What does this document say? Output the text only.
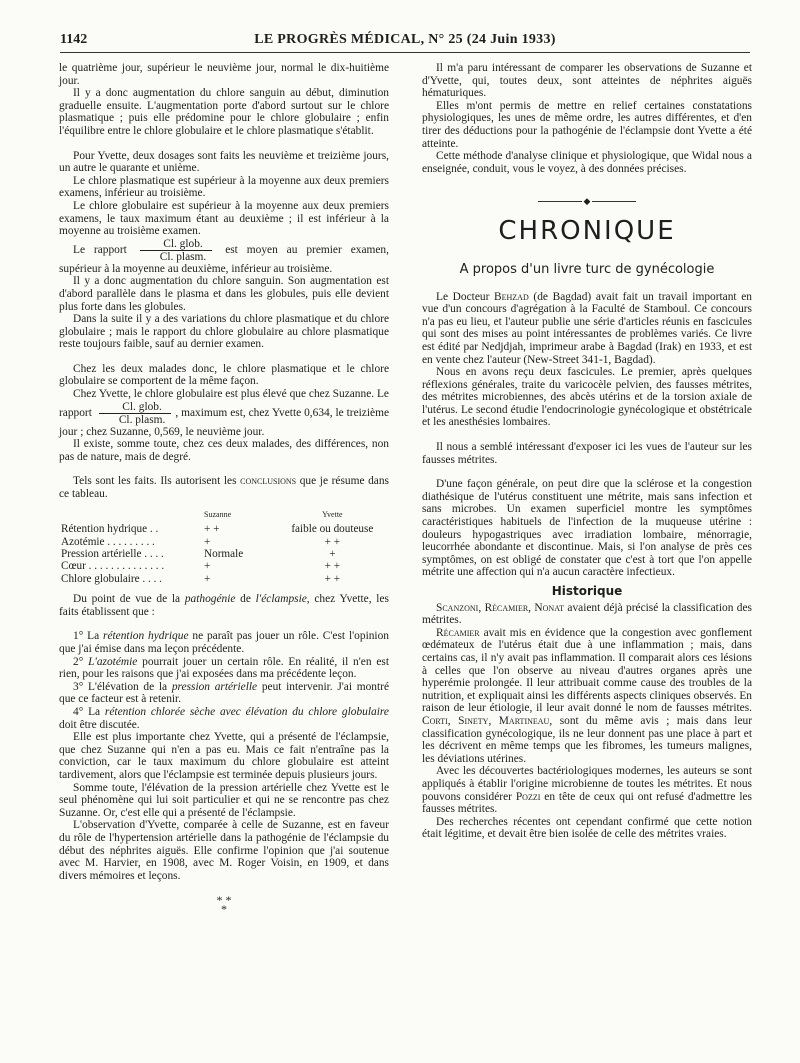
1142	LE PROGRÈS MÉDICAL, N° 25 (24 Juin 1933)

le quatrième jour, supérieur le neuvième jour, normal le dix-huitième jour.

Il y a donc augmentation du chlore sanguin au début, diminution graduelle ensuite. L'augmentation porte d'abord surtout sur le chlore plasmatique ; puis elle prédomine pour le chlore globulaire ; enfin l'équilibre entre le chlore globulaire et le chlore plasmatique s'établit.

Pour Yvette, deux dosages sont faits les neuvième et treizième jours, un autre le quarante et unième.

Le chlore plasmatique est supérieur à la moyenne aux deux premiers examens, inférieur au troisième.

Le chlore globulaire est supérieur à la moyenne aux deux premiers examens, le taux maximum étant au deuxième ; il est inférieur à la moyenne au troisième examen.

Le rapport $\frac{\text{Cl. glob.}}{\text{Cl. plasm.}}$ est moyen au premier examen, supérieur à la moyenne au deuxième, inférieur au troisième.

Il y a donc augmentation du chlore sanguin. Son augmentation est d'abord parallèle dans le plasma et dans les globules, puis elle devient plus forte dans les globules.

Dans la suite il y a des variations du chlore plasmatique et du chlore globulaire ; mais le rapport du chlore globulaire au chlore plasmatique reste toujours faible, sauf au dernier examen.

Chez les deux malades donc, le chlore plasmatique et le chlore globulaire se comportent de la même façon.

Chez Yvette, le chlore globulaire est plus élevé que chez Suzanne. Le rapport $\frac{\text{Cl. glob.}}{\text{Cl. plasm.}}$ , maximum est, chez Yvette 0,634, le treizième jour ; chez Suzanne, 0,569, le neuvième jour.

Il existe, somme toute, chez ces deux malades, des différences, non pas de nature, mais de degré.

Tels sont les faits. Ils autorisent les conclusions que je résume dans ce tableau.

	Suzanne	Yvette
Rétention hydrique . .	+ +	faible ou douteuse
Azotémie . . . . . . . . .	+	+ +
Pression artérielle . . . .	Normale	+
Cœur . . . . . . . . . . . . . .	+	+ +
Chlore globulaire . . . .	+	+ +

Du point de vue de la pathogénie de l'éclampsie, chez Yvette, les faits établissent que :

1° La rétention hydrique ne paraît pas jouer un rôle. C'est l'opinion que j'ai émise dans ma leçon précédente.

2° L'azotémie pourrait jouer un certain rôle. En réalité, il n'en est rien, pour les raisons que j'ai exposées dans ma précédente leçon.

3° L'élévation de la pression artérielle peut intervenir. J'ai montré que ce facteur est à retenir.

4° La rétention chlorée sèche avec élévation du chlore globulaire doit être discutée.

Elle est plus importante chez Yvette, qui a présenté de l'éclampsie, que chez Suzanne qui n'en a pas eu. Mais ce fait n'entraîne pas la conviction, car le taux maximum du chlore globulaire est atteint tardivement, alors que l'éclampsie est terminée depuis plusieurs jours.

Somme toute, l'élévation de la pression artérielle chez Yvette est le seul phénomène qui lui soit particulier et qui ne se rencontre pas chez Suzanne. Or, c'est elle qui a présenté de l'éclampsie.

L'observation d'Yvette, comparée à celle de Suzanne, est en faveur du rôle de l'hypertension artérielle dans la pathogénie de l'éclampsie du début des néphrites aiguës. Elle confirme l'opinion que j'ai soutenue avec M. Harvier, en 1908, avec M. Roger Voisin, en 1909, et dans divers mémoires et leçons.

* *
*

Il m'a paru intéressant de comparer les observations de Suzanne et d'Yvette, qui, toutes deux, sont atteintes de néphrites aiguës hématuriques.

Elles m'ont permis de mettre en relief certaines constatations physiologiques, les unes de même ordre, les autres différentes, et d'en tirer des déductions pour la pathogénie de l'éclampsie dont Yvette a été atteinte.

Cette méthode d'analyse clinique et physiologique, que Widal nous a enseignée, conduit, vous le voyez, à des données précises.

◆
CHRONIQUE
A propos d'un livre turc de gynécologie

Le Docteur Behzad (de Bagdad) avait fait un travail important en vue d'un concours d'agrégation à la Faculté de Stamboul. Ce concours n'a pas eu lieu, et l'auteur publie une série d'articles réunis en fascicules qui sont des mises au point intéressantes de problèmes variés. Ce livre est édité par Nedjdjah, imprimeur arabe à Bagdad (Irak) en 1933, et est en vente chez l'auteur (New-Street 341-1, Bagdad).

Nous en avons reçu deux fascicules. Le premier, après quelques réflexions générales, traite du varicocèle pelvien, des fausses métrites, des métrites microbiennes, des abcès utérins et de la torsion axiale de l'utérus. Le second étudie l'endocrinologie gynécologique et obstétricale et les anesthésies lombaires.

Il nous a semblé intéressant d'exposer ici les vues de l'auteur sur les fausses métrites.

D'une façon générale, on peut dire que la sclérose et la congestion diathésique de l'utérus constituent une métrite, mais sans infection et sans microbes. Un examen superficiel montre les symptômes caractéristiques habituels de l'infection de la muqueuse utérine : douleurs hypogastriques avec irradiation lombaire, ménorragie, leucorrhée abondante et discontinue. Mais, si l'on analyse de près ces symptômes, on est obligé de constater que c'est à tort que l'on appelle métrite une affection qui n'a aucun caractère infectieux.

Historique

Scanzoni, Récamier, Nonat avaient déjà précisé la classification des métrites.

Récamier avait mis en évidence que la congestion avec gonflement œdémateux de l'utérus était due à une inflammation ; mais, dans certains cas, il n'y avait pas inflammation. Il comparait alors ces lésions à celles que l'on observe au niveau d'autres organes après une hyperémie prolongée. Il leur attribuait comme cause des troubles de la nutrition, et expliquait ainsi les différents aspects cliniques observés. En raison de leur étiologie, il leur avait donné le nom de fausses métrites. Corti, Sinety, Martineau, sont du même avis ; mais dans leur classification gynécologique, ils ne leur donnent pas une place à part et les décrivent en même temps que les fibromes, les tumeurs malignes, les déviations utérines.

Avec les découvertes bactériologiques modernes, les auteurs se sont appliqués à établir l'origine microbienne de toutes les métrites. Et nous pouvons considérer Pozzi en tête de ceux qui ont refusé d'admettre les fausses métrites.

Des recherches récentes ont cependant confirmé que cette notion était légitime, et devait être bien isolée de celle des métrites vraies.
